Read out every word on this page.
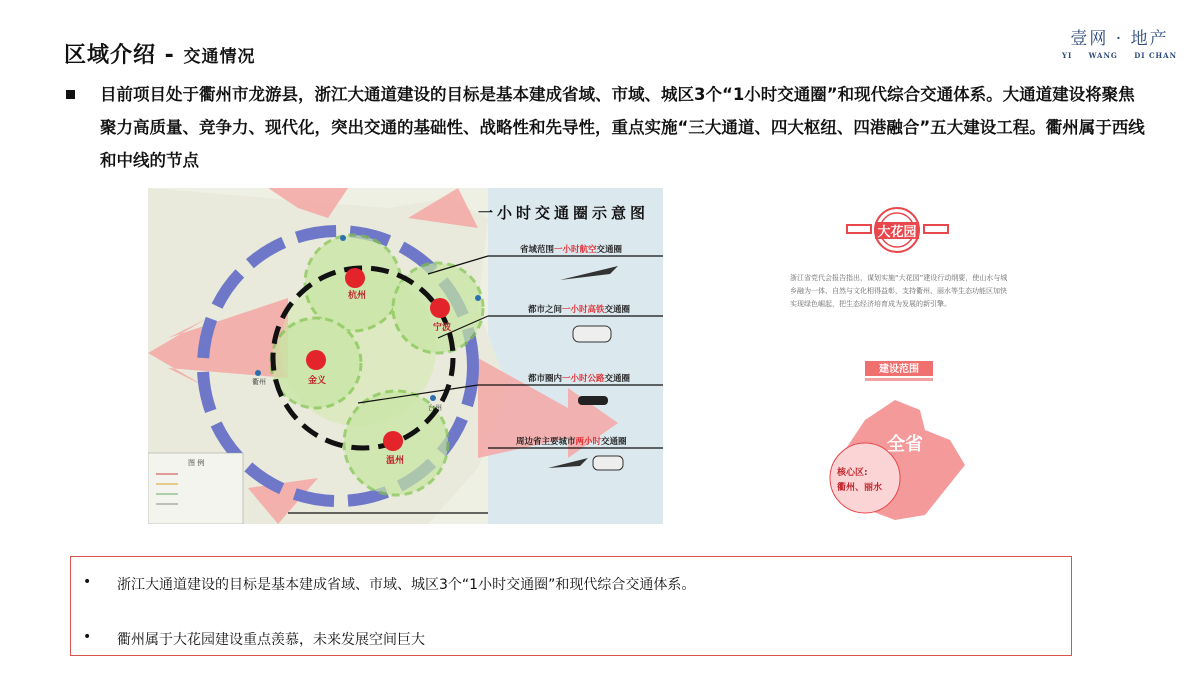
区域介绍 - 交通情况
壹网 · 地产
YI WANG DI CHAN
目前项目处于衢州市龙游县，浙江大通道建设的目标是基本建成省域、市域、城区3个“1小时交通圈”和现代综合交通体系。大通道建设将聚焦聚力高质量、竞争力、现代化，突出交通的基础性、战略性和先导性，重点实施“三大通道、四大枢纽、四港融合”五大建设工程。衢州属于西线和中线的节点
杭州
宁波
金义
温州
衢州
台州
图 例
一小时交通圈示意图
省域范围一小时航空交通圈
都市之间一小时高铁交通圈
都市圈内一小时公路交通圈
周边省主要城市两小时交通圈
大花园
浙江省党代会报告指出，谋划实施“大花园”建设行动纲要，使山水与城乡融为一体、自然与文化相得益彰，支持衢州、丽水等生态功能区加快实现绿色崛起，把生态经济培育成为发展的新引擎。
建设范围
全省
核心区:
衢州、丽水
•	浙江大通道建设的目标是基本建成省域、市域、城区3个“1小时交通圈”和现代综合交通体系。
•	衢州属于大花园建设重点羡慕，未来发展空间巨大
